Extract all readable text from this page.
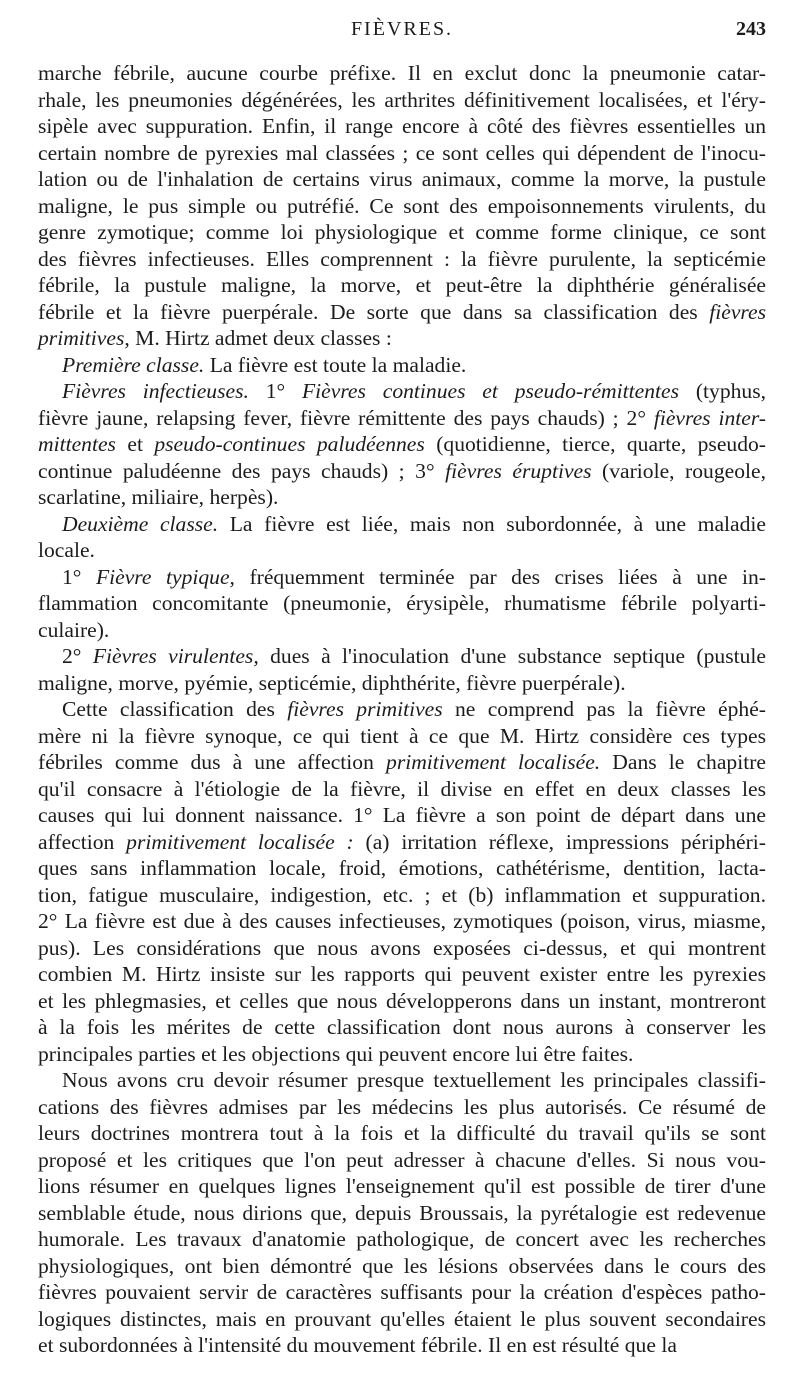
FIÈVRES.	243
marche fébrile, aucune courbe préfixe. Il en exclut donc la pneumonie catar-
rhale, les pneumonies dégénérées, les arthrites définitivement localisées, et l'éry-
sipèle avec suppuration. Enfin, il range encore à côté des fièvres essentielles un
certain nombre de pyrexies mal classées ; ce sont celles qui dépendent de l'inocu-
lation ou de l'inhalation de certains virus animaux, comme la morve, la pustule
maligne, le pus simple ou putréfié. Ce sont des empoisonnements virulents, du
genre zymotique; comme loi physiologique et comme forme clinique, ce sont
des fièvres infectieuses. Elles comprennent : la fièvre purulente, la septicémie
fébrile, la pustule maligne, la morve, et peut-être la diphthérie généralisée
fébrile et la fièvre puerpérale. De sorte que dans sa classification des fièvres
primitives, M. Hirtz admet deux classes :
Première classe. La fièvre est toute la maladie.
Fièvres infectieuses. 1° Fièvres continues et pseudo-rémittentes (typhus,
fièvre jaune, relapsing fever, fièvre rémittente des pays chauds) ; 2° fièvres inter-
mittentes et pseudo-continues paludéennes (quotidienne, tierce, quarte, pseudo-
continue paludéenne des pays chauds) ; 3° fièvres éruptives (variole, rougeole,
scarlatine, miliaire, herpès).
Deuxième classe. La fièvre est liée, mais non subordonnée, à une maladie
locale.
1° Fièvre typique, fréquemment terminée par des crises liées à une in-
flammation concomitante (pneumonie, érysipèle, rhumatisme fébrile polyarti-
culaire).
2° Fièvres virulentes, dues à l'inoculation d'une substance septique (pustule
maligne, morve, pyémie, septicémie, diphthérite, fièvre puerpérale).
Cette classification des fièvres primitives ne comprend pas la fièvre éphé-
mère ni la fièvre synoque, ce qui tient à ce que M. Hirtz considère ces types
fébriles comme dus à une affection primitivement localisée. Dans le chapitre
qu'il consacre à l'étiologie de la fièvre, il divise en effet en deux classes les
causes qui lui donnent naissance. 1° La fièvre a son point de départ dans une
affection primitivement localisée : (a) irritation réflexe, impressions périphéri-
ques sans inflammation locale, froid, émotions, cathétérisme, dentition, lacta-
tion, fatigue musculaire, indigestion, etc. ; et (b) inflammation et suppuration.
2° La fièvre est due à des causes infectieuses, zymotiques (poison, virus, miasme,
pus). Les considérations que nous avons exposées ci-dessus, et qui montrent
combien M. Hirtz insiste sur les rapports qui peuvent exister entre les pyrexies
et les phlegmasies, et celles que nous développerons dans un instant, montreront
à la fois les mérites de cette classification dont nous aurons à conserver les
principales parties et les objections qui peuvent encore lui être faites.
Nous avons cru devoir résumer presque textuellement les principales classifi-
cations des fièvres admises par les médecins les plus autorisés. Ce résumé de
leurs doctrines montrera tout à la fois et la difficulté du travail qu'ils se sont
proposé et les critiques que l'on peut adresser à chacune d'elles. Si nous vou-
lions résumer en quelques lignes l'enseignement qu'il est possible de tirer d'une
semblable étude, nous dirions que, depuis Broussais, la pyrétalogie est redevenue
humorale. Les travaux d'anatomie pathologique, de concert avec les recherches
physiologiques, ont bien démontré que les lésions observées dans le cours des
fièvres pouvaient servir de caractères suffisants pour la création d'espèces patho-
logiques distinctes, mais en prouvant qu'elles étaient le plus souvent secondaires
et subordonnées à l'intensité du mouvement fébrile. Il en est résulté que la
